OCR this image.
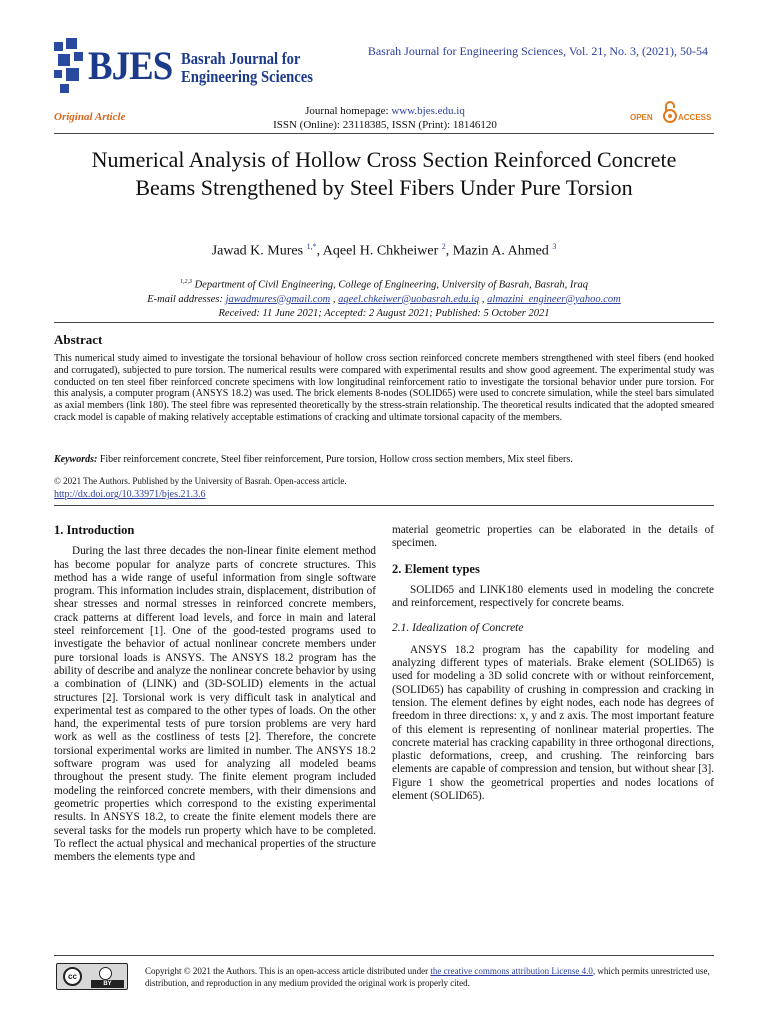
BJES Basrah Journal for
Engineering Sciences
Basrah Journal for Engineering Sciences, Vol. 21, No. 3, (2021), 50-54
Original Article	Journal homepage: www.bjes.edu.iq
ISSN (Online): 23118385, ISSN (Print): 18146120
OPEN	ACCESS
Numerical Analysis of Hollow Cross Section Reinforced Concrete Beams Strengthened by Steel Fibers Under Pure Torsion
Jawad K. Mures $^{1,*}$, Aqeel H. Chkheiwer $^2$, Mazin A. Ahmed $^3$
$^{1,2,3}$ Department of Civil Engineering, College of Engineering, University of Basrah, Basrah, Iraq
E-mail addresses: jawadmures@gmail.com , aqeel.chkeiwer@uobasrah.edu.iq , almazini_engineer@yahoo.com
Received: 11 June 2021; Accepted: 2 August 2021; Published: 5 October 2021
Abstract
This numerical study aimed to investigate the torsional behaviour of hollow cross section reinforced concrete members strengthened with steel fibers (end hooked and corrugated), subjected to pure torsion. The numerical results were compared with experimental results and show good agreement. The experimental study was conducted on ten steel fiber reinforced concrete specimens with low longitudinal reinforcement ratio to investigate the torsional behavior under pure torsion. For this analysis, a computer program (ANSYS 18.2) was used. The brick elements 8-nodes (SOLID65) were used to concrete simulation, while the steel bars simulated as axial members (link 180). The steel fibre was represented theoretically by the stress-strain relationship. The theoretical results indicated that the adopted smeared crack model is capable of making relatively acceptable estimations of cracking and ultimate torsional capacity of the members.
Keywords: Fiber reinforcement concrete, Steel fiber reinforcement, Pure torsion, Hollow cross section members, Mix steel fibers.
© 2021 The Authors. Published by the University of Basrah. Open-access article.
http://dx.doi.org/10.33971/bjes.21.3.6
1. Introduction
During the last three decades the non-linear finite element method has become popular for analyze parts of concrete structures. This method has a wide range of useful information from single software program. This information includes strain, displacement, distribution of shear stresses and normal stresses in reinforced concrete members, crack patterns at different load levels, and force in main and lateral steel reinforcement [1]. One of the good-tested programs used to investigate the behavior of actual nonlinear concrete members under pure torsional loads is ANSYS. The ANSYS 18.2 program has the ability of describe and analyze the nonlinear concrete behavior by using a combination of (LINK) and (3D-SOLID) elements in the actual structures [2]. Torsional work is very difficult task in analytical and experimental test as compared to the other types of loads. On the other hand, the experimental tests of pure torsion problems are very hard work as well as the costliness of tests [2]. Therefore, the concrete torsional experimental works are limited in number. The ANSYS 18.2 software program was used for analyzing all modeled beams throughout the present study. The finite element program included modeling the reinforced concrete members, with their dimensions and geometric properties which correspond to the existing experimental results. In ANSYS 18.2, to create the finite element models there are several tasks for the models run property which have to be completed. To reflect the actual physical and mechanical properties of the structure members the elements type and
material geometric properties can be elaborated in the details of specimen.
2. Element types
SOLID65 and LINK180 elements used in modeling the concrete and reinforcement, respectively for concrete beams.
2.1. Idealization of Concrete
ANSYS 18.2 program has the capability for modeling and analyzing different types of materials. Brake element (SOLID65) is used for modeling a 3D solid concrete with or without reinforcement, (SOLID65) has capability of crushing in compression and cracking in tension. The element defines by eight nodes, each node has degrees of freedom in three directions: x, y and z axis. The most important feature of this element is representing of nonlinear material properties. The concrete material has cracking capability in three orthogonal directions, plastic deformations, creep, and crushing. The reinforcing bars elements are capable of compression and tension, but without shear [3]. Figure 1 show the geometrical properties and nodes locations of element (SOLID65).
cc
BY
Copyright © 2021 the Authors. This is an open-access article distributed under the creative commons attribution License 4.0, which permits unrestricted use, distribution, and reproduction in any medium provided the original work is properly cited.
